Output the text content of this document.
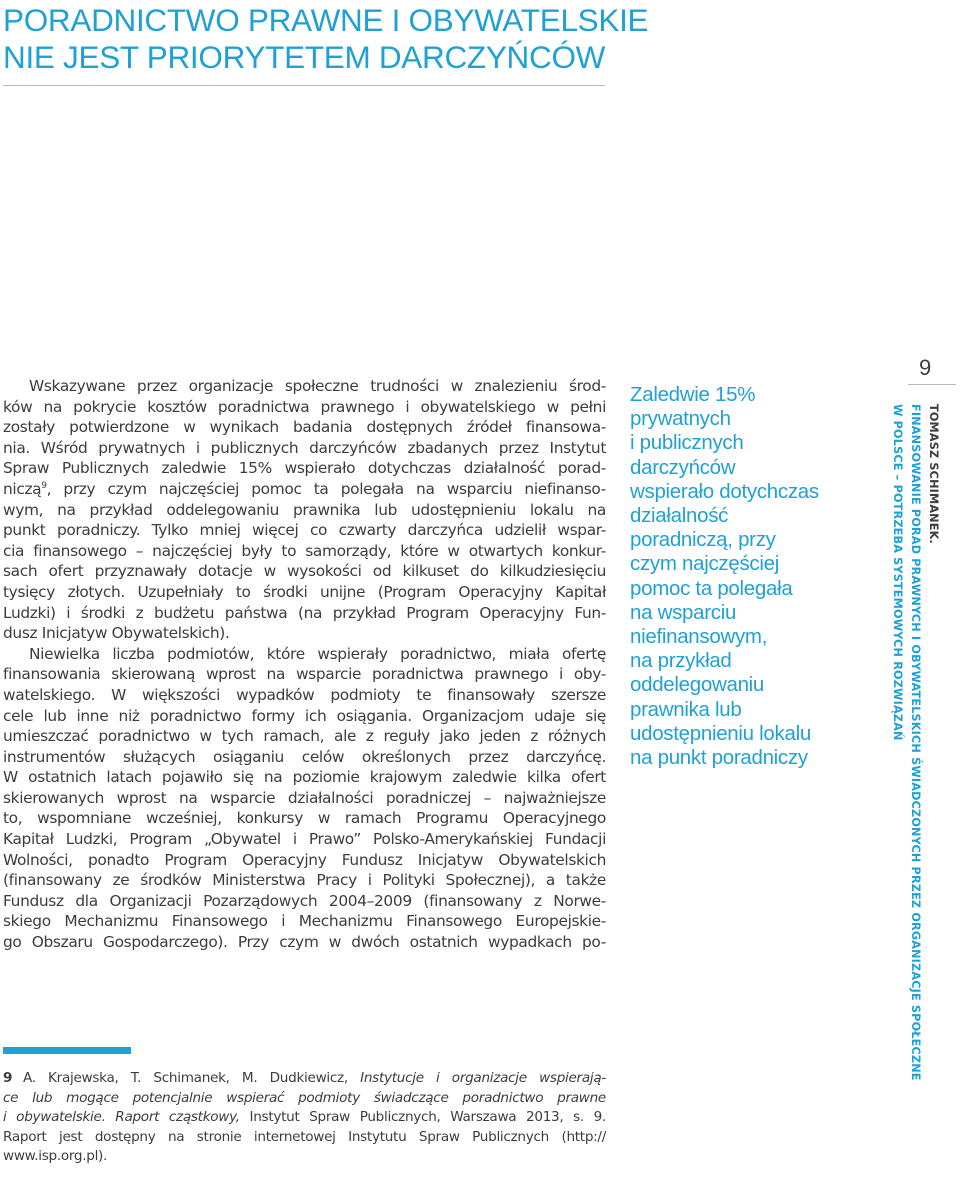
PORADNICTWO PRAWNE I OBYWATELSKIE
NIE JEST PRIORYTETEM DARCZYŃCÓW
Wskazywane przez organizacje społeczne trudności w znalezieniu środ-
ków na pokrycie kosztów poradnictwa prawnego i obywatelskiego w pełni
zostały potwierdzone w wynikach badania dostępnych źródeł finansowa-
nia. Wśród prywatnych i publicznych darczyńców zbadanych przez Instytut
Spraw Publicznych zaledwie 15% wspierało dotychczas działalność porad-
niczą$^9$, przy czym najczęściej pomoc ta polegała na wsparciu niefinanso-
wym, na przykład oddelegowaniu prawnika lub udostępnieniu lokalu na
punkt poradniczy. Tylko mniej więcej co czwarty darczyńca udzielił wspar-
cia finansowego – najczęściej były to samorządy, które w otwartych konkur-
sach ofert przyznawały dotacje w wysokości od kilkuset do kilkudziesięciu
tysięcy złotych. Uzupełniały to środki unijne (Program Operacyjny Kapitał
Ludzki) i środki z budżetu państwa (na przykład Program Operacyjny Fun-
dusz Inicjatyw Obywatelskich).
Niewielka liczba podmiotów, które wspierały poradnictwo, miała ofertę
finansowania skierowaną wprost na wsparcie poradnictwa prawnego i oby-
watelskiego. W większości wypadków podmioty te finansowały szersze
cele lub inne niż poradnictwo formy ich osiągania. Organizacjom udaje się
umieszczać poradnictwo w tych ramach, ale z reguły jako jeden z różnych
instrumentów służących osiąganiu celów określonych przez darczyńcę.
W ostatnich latach pojawiło się na poziomie krajowym zaledwie kilka ofert
skierowanych wprost na wsparcie działalności poradniczej – najważniejsze
to, wspomniane wcześniej, konkursy w ramach Programu Operacyjnego
Kapitał Ludzki, Program „Obywatel i Prawo” Polsko-Amerykańskiej Fundacji
Wolności, ponadto Program Operacyjny Fundusz Inicjatyw Obywatelskich
(finansowany ze środków Ministerstwa Pracy i Polityki Społecznej), a także
Fundusz dla Organizacji Pozarządowych 2004–2009 (finansowany z Norwe-
skiego Mechanizmu Finansowego i Mechanizmu Finansowego Europejskie-
go Obszaru Gospodarczego). Przy czym w dwóch ostatnich wypadkach po-
9 A. Krajewska, T. Schimanek, M. Dudkiewicz, Instytucje i organizacje wspierają-
ce lub mogące potencjalnie wspierać podmioty świadczące poradnictwo prawne
i obywatelskie. Raport cząstkowy, Instytut Spraw Publicznych, Warszawa 2013, s. 9.
Raport jest dostępny na stronie internetowej Instytutu Spraw Publicznych (http://
www.isp.org.pl).
Zaledwie 15%
prywatnych
i publicznych
darczyńców
wspierało dotychczas
działalność
poradniczą, przy
czym najczęściej
pomoc ta polegała
na wsparciu
niefinansowym,
na przykład
oddelegowaniu
prawnika lub
udostępnieniu lokalu
na punkt poradniczy
9
TOMASZ SCHIMANEK.
FINANSOWANIE PORAD PRAWNYCH I OBYWATELSKICH ŚWIADCZONYCH PRZEZ ORGANIZACJE SPOŁECZNE
W POLSCE – POTRZEBA SYSTEMOWYCH ROZWIĄZAŃ
